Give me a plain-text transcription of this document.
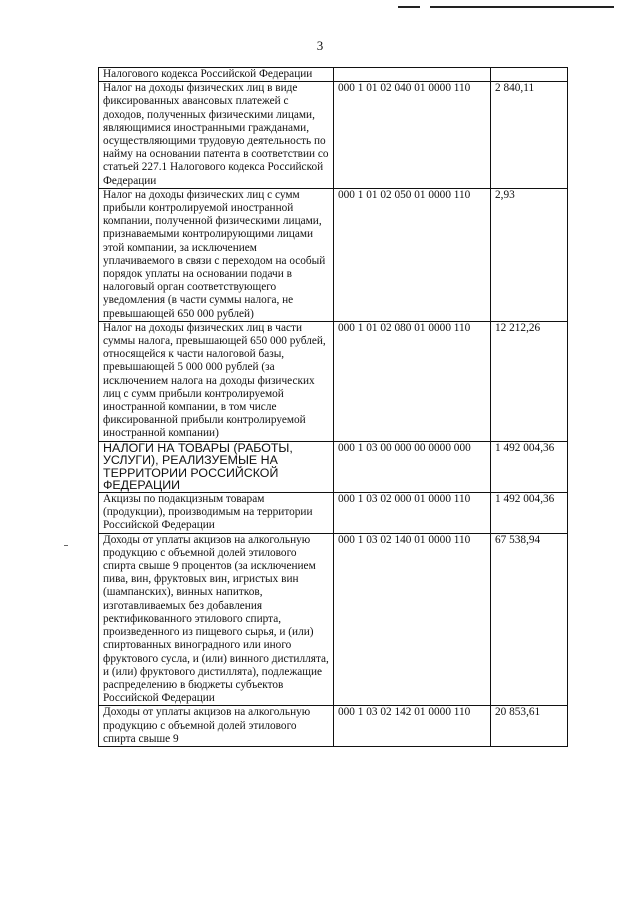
3
Налогового кодекса Российской Федерации		
Налог на доходы физических лиц в виде фиксированных авансовых платежей с доходов, полученных физическими лицами, являющимися иностранными гражданами, осуществляющими трудовую деятельность по найму на основании патента в соответствии со статьей 227.1 Налогового кодекса Российской Федерации	000 1 01 02 040 01 0000 110	2 840,11
Налог на доходы физических лиц с сумм прибыли контролируемой иностранной компании, полученной физическими лицами, признаваемыми контролирующими лицами этой компании, за исключением уплачиваемого в связи с переходом на особый порядок уплаты на основании подачи в налоговый орган соответствующего уведомления (в части суммы налога, не превышающей 650 000 рублей)	000 1 01 02 050 01 0000 110	2,93
Налог на доходы физических лиц в части суммы налога, превышающей 650 000 рублей, относящейся к части налоговой базы, превышающей 5 000 000 рублей (за исключением налога на доходы физических лиц с сумм прибыли контролируемой иностранной компании, в том числе фиксированной прибыли контролируемой иностранной компании)	000 1 01 02 080 01 0000 110	12 212,26
НАЛОГИ НА ТОВАРЫ (РАБОТЫ, УСЛУГИ), РЕАЛИЗУЕМЫЕ НА ТЕРРИТОРИИ РОССИЙСКОЙ ФЕДЕРАЦИИ	000 1 03 00 000 00 0000 000	1 492 004,36
Акцизы по подакцизным товарам (продукции), производимым на территории Российской Федерации	000 1 03 02 000 01 0000 110	1 492 004,36
Доходы от уплаты акцизов на алкогольную продукцию с объемной долей этилового спирта свыше 9 процентов (за исключением пива, вин, фруктовых вин, игристых вин (шампанских), винных напитков, изготавливаемых без добавления ректификованного этилового спирта, произведенного из пищевого сырья, и (или) спиртованных виноградного или иного фруктового сусла, и (или) винного дистиллята, и (или) фруктового дистиллята), подлежащие распределению в бюджеты субъектов Российской Федерации	000 1 03 02 140 01 0000 110	67 538,94
Доходы от уплаты акцизов на алкогольную продукцию с объемной долей этилового спирта свыше 9	000 1 03 02 142 01 0000 110	20 853,61
